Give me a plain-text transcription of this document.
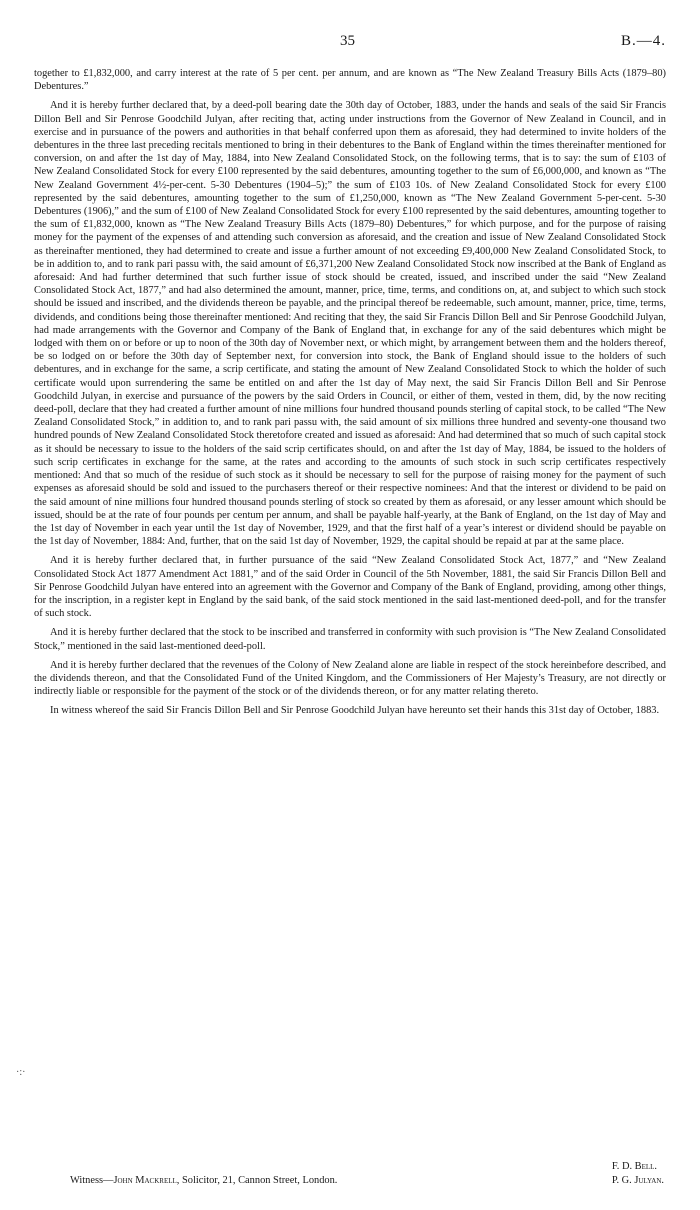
35	B.—4.

together to £1,832,000, and carry interest at the rate of 5 per cent. per annum, and are known as “The New Zealand Treasury Bills Acts (1879–80) Debentures.”

And it is hereby further declared that, by a deed-poll bearing date the 30th day of October, 1883, under the hands and seals of the said Sir Francis Dillon Bell and Sir Penrose Goodchild Julyan, after reciting that, acting under instructions from the Governor of New Zealand in Council, and in exercise and in pursuance of the powers and authorities in that behalf conferred upon them as aforesaid, they had determined to invite holders of the debentures in the three last preceding recitals mentioned to bring in their debentures to the Bank of England within the times thereinafter mentioned for conversion, on and after the 1st day of May, 1884, into New Zealand Consolidated Stock, on the following terms, that is to say: the sum of £103 of New Zealand Consolidated Stock for every £100 represented by the said debentures, amounting together to the sum of £6,000,000, and known as “The New Zealand Government 4½-per-cent. 5-30 Debentures (1904–5);” the sum of £103 10s. of New Zealand Consolidated Stock for every £100 represented by the said debentures, amounting together to the sum of £1,250,000, known as “The New Zealand Government 5-per-cent. 5-30 Debentures (1906),” and the sum of £100 of New Zealand Consolidated Stock for every £100 represented by the said debentures, amounting together to the sum of £1,832,000, known as “The New Zealand Treasury Bills Acts (1879–80) Debentures,” for which purpose, and for the purpose of raising money for the payment of the expenses of and attending such conversion as aforesaid, and the creation and issue of New Zealand Consolidated Stock as thereinafter mentioned, they had determined to create and issue a further amount of not exceeding £9,400,000 New Zealand Consolidated Stock, to be in addition to, and to rank pari passu with, the said amount of £6,371,200 New Zealand Consolidated Stock now inscribed at the Bank of England as aforesaid: And had further determined that such further issue of stock should be created, issued, and inscribed under the said “New Zealand Consolidated Stock Act, 1877,” and had also determined the amount, manner, price, time, terms, and conditions on, at, and subject to which such stock should be issued and inscribed, and the dividends thereon be payable, and the principal thereof be redeemable, such amount, manner, price, time, terms, dividends, and conditions being those thereinafter mentioned: And reciting that they, the said Sir Francis Dillon Bell and Sir Penrose Goodchild Julyan, had made arrangements with the Governor and Company of the Bank of England that, in exchange for any of the said debentures which might be lodged with them on or before or up to noon of the 30th day of November next, or which might, by arrangement between them and the holders thereof, be so lodged on or before the 30th day of September next, for conversion into stock, the Bank of England should issue to the holders of such debentures, and in exchange for the same, a scrip certificate, and stating the amount of New Zealand Consolidated Stock to which the holder of such certificate would upon surrendering the same be entitled on and after the 1st day of May next, the said Sir Francis Dillon Bell and Sir Penrose Goodchild Julyan, in exercise and pursuance of the powers by the said Orders in Council, or either of them, vested in them, did, by the now reciting deed-poll, declare that they had created a further amount of nine millions four hundred thousand pounds sterling of capital stock, to be called “The New Zealand Consolidated Stock,” in addition to, and to rank pari passu with, the said amount of six millions three hundred and seventy-one thousand two hundred pounds of New Zealand Consolidated Stock theretofore created and issued as aforesaid: And had determined that so much of such capital stock as it should be necessary to issue to the holders of the said scrip certificates should, on and after the 1st day of May, 1884, be issued to the holders of such scrip certificates in exchange for the same, at the rates and according to the amounts of such stock in such scrip certificates respectively mentioned: And that so much of the residue of such stock as it should be necessary to sell for the purpose of raising money for the payment of such expenses as aforesaid should be sold and issued to the purchasers thereof or their respective nominees: And that the interest or dividend to be paid on the said amount of nine millions four hundred thousand pounds sterling of stock so created by them as aforesaid, or any lesser amount which should be issued, should be at the rate of four pounds per centum per annum, and shall be payable half-yearly, at the Bank of England, on the 1st day of May and the 1st day of November in each year until the 1st day of November, 1929, and that the first half of a year’s interest or dividend should be payable on the 1st day of November, 1884: And, further, that on the said 1st day of November, 1929, the capital should be repaid at par at the same place.

And it is hereby further declared that, in further pursuance of the said “New Zealand Consolidated Stock Act, 1877,” and “New Zealand Consolidated Stock Act 1877 Amendment Act 1881,” and of the said Order in Council of the 5th November, 1881, the said Sir Francis Dillon Bell and Sir Penrose Goodchild Julyan have entered into an agreement with the Governor and Company of the Bank of England, providing, among other things, for the inscription, in a register kept in England by the said bank, of the said stock mentioned in the said last-mentioned deed-poll, and for the transfer of such stock.

And it is hereby further declared that the stock to be inscribed and transferred in conformity with such provision is “The New Zealand Consolidated Stock,” mentioned in the said last-mentioned deed-poll.

And it is hereby further declared that the revenues of the Colony of New Zealand alone are liable in respect of the stock hereinbefore described, and the dividends thereon, and that the Consolidated Fund of the United Kingdom, and the Commissioners of Her Majesty’s Treasury, are not directly or indirectly liable or responsible for the payment of the stock or of the dividends thereon, or for any matter relating thereto.

In witness whereof the said Sir Francis Dillon Bell and Sir Penrose Goodchild Julyan have hereunto set their hands this 31st day of October, 1883.

·:·
F. D. Bell.
P. G. Julyan.
Witness—John Mackrell, Solicitor, 21, Cannon Street, London.
